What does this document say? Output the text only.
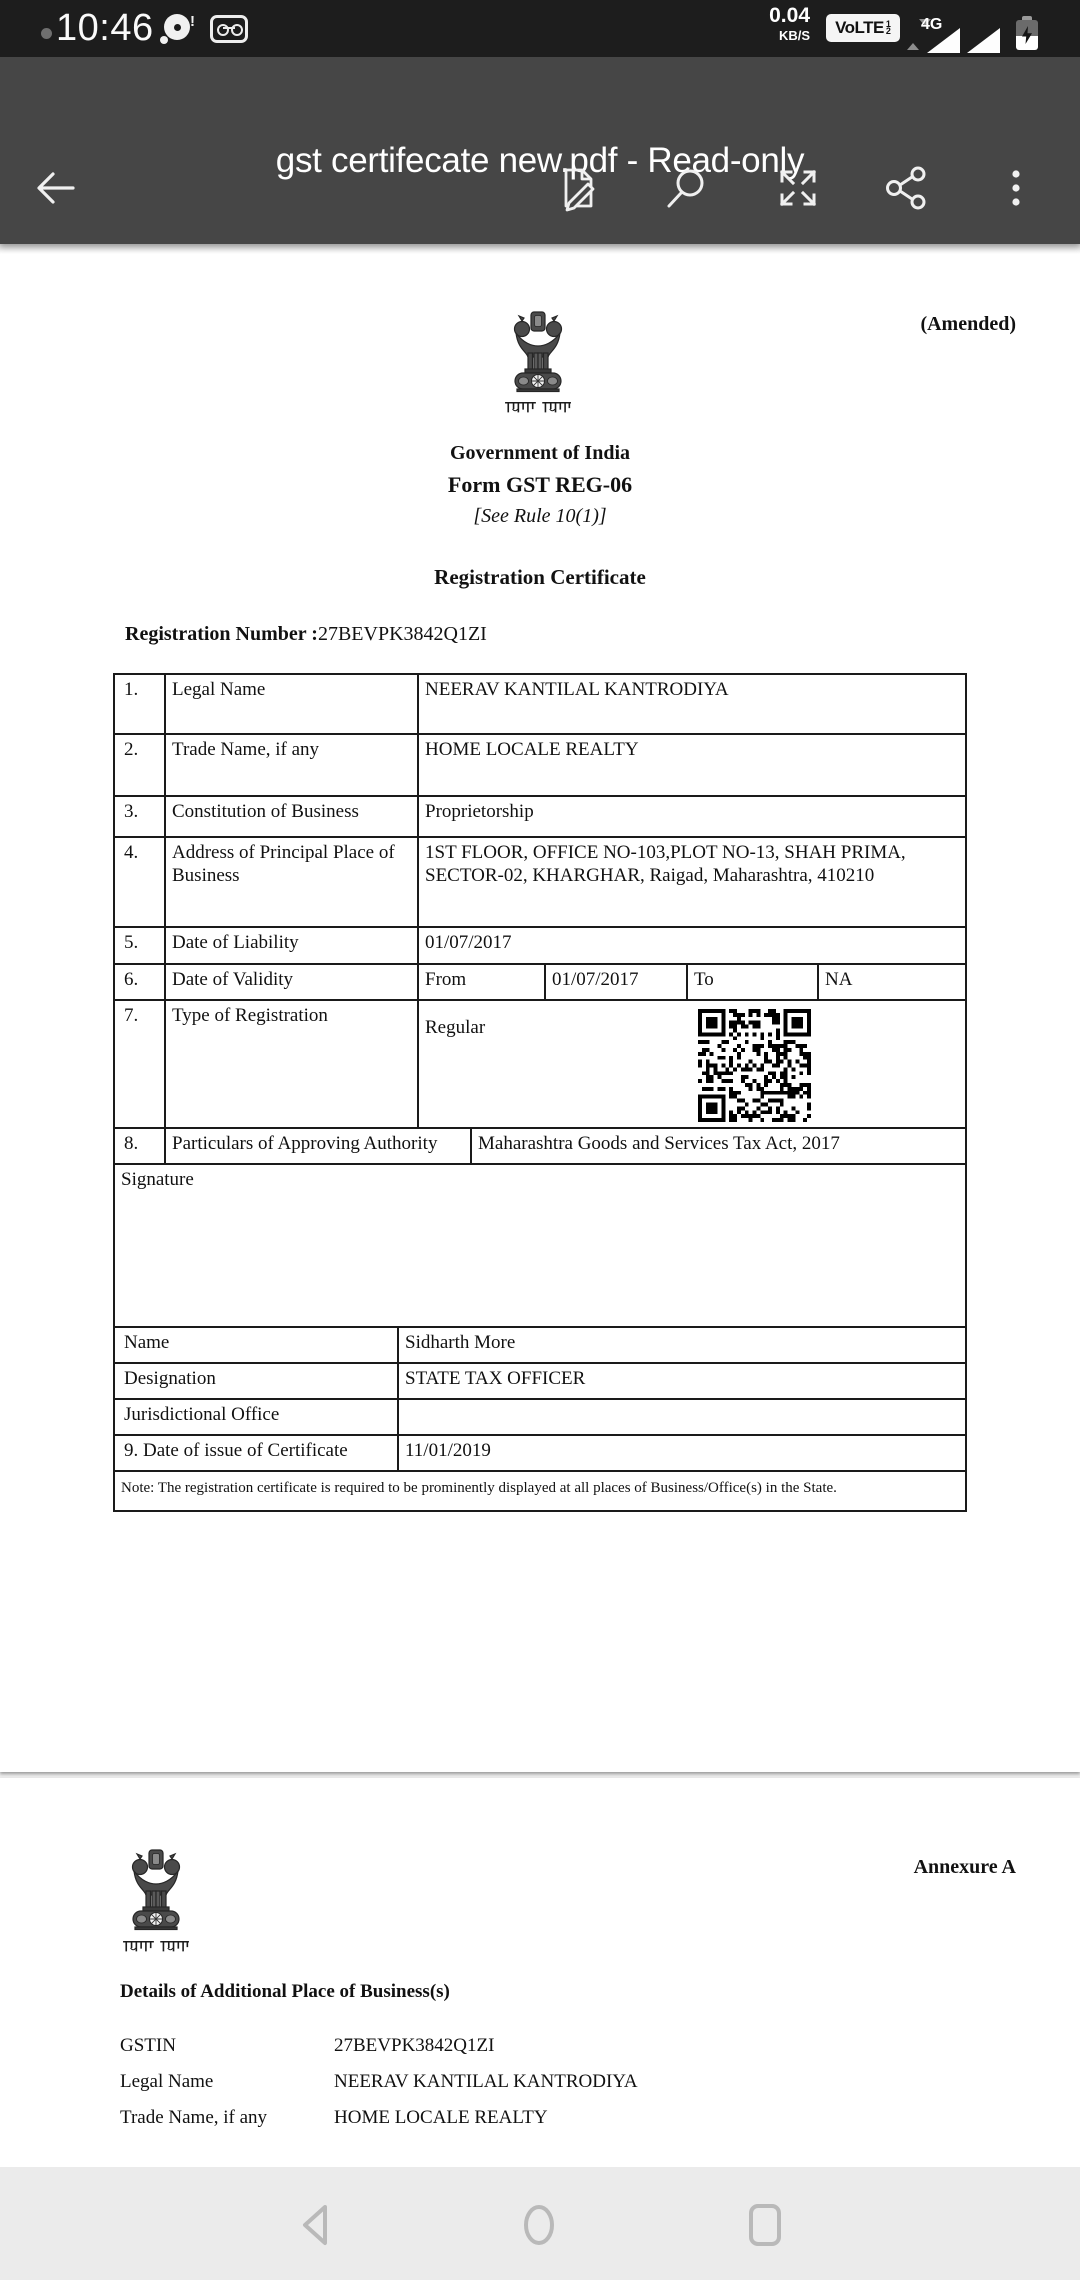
10:46 !	0.04
KB/S VoLTE 1
2 4G
gst certifecate new.pdf - Read-only
(Amended)
Government of India
Form GST REG-06
[See Rule 10(1)]
Registration Certificate
Registration Number :27BEVPK3842Q1ZI
1.	Legal Name	NEERAV KANTILAL KANTRODIYA
2.	Trade Name, if any	HOME LOCALE REALTY
3.	Constitution of Business	Proprietorship
4.	Address of Principal Place of Business
1ST FLOOR, OFFICE NO-103,PLOT NO-13, SHAH PRIMA, SECTOR-02, KHARGHAR, Raigad, Maharashtra, 410210
5.	Date of Liability	01/07/2017
6.	Date of Validity	From	01/07/2017	To	NA
7.	Type of Registration
Regular
8.	Particulars of Approving Authority	Maharashtra Goods and Services Tax Act, 2017
Signature
Name	Sidharth More
Designation	STATE TAX OFFICER
Jurisdictional Office
9. Date of issue of Certificate	11/01/2019
Note: The registration certificate is required to be prominently displayed at all places of Business/Office(s) in the State.
Annexure A
Details of Additional Place of Business(s)
GSTIN	27BEVPK3842Q1ZI
Legal Name	NEERAV KANTILAL KANTRODIYA
Trade Name, if any	HOME LOCALE REALTY
